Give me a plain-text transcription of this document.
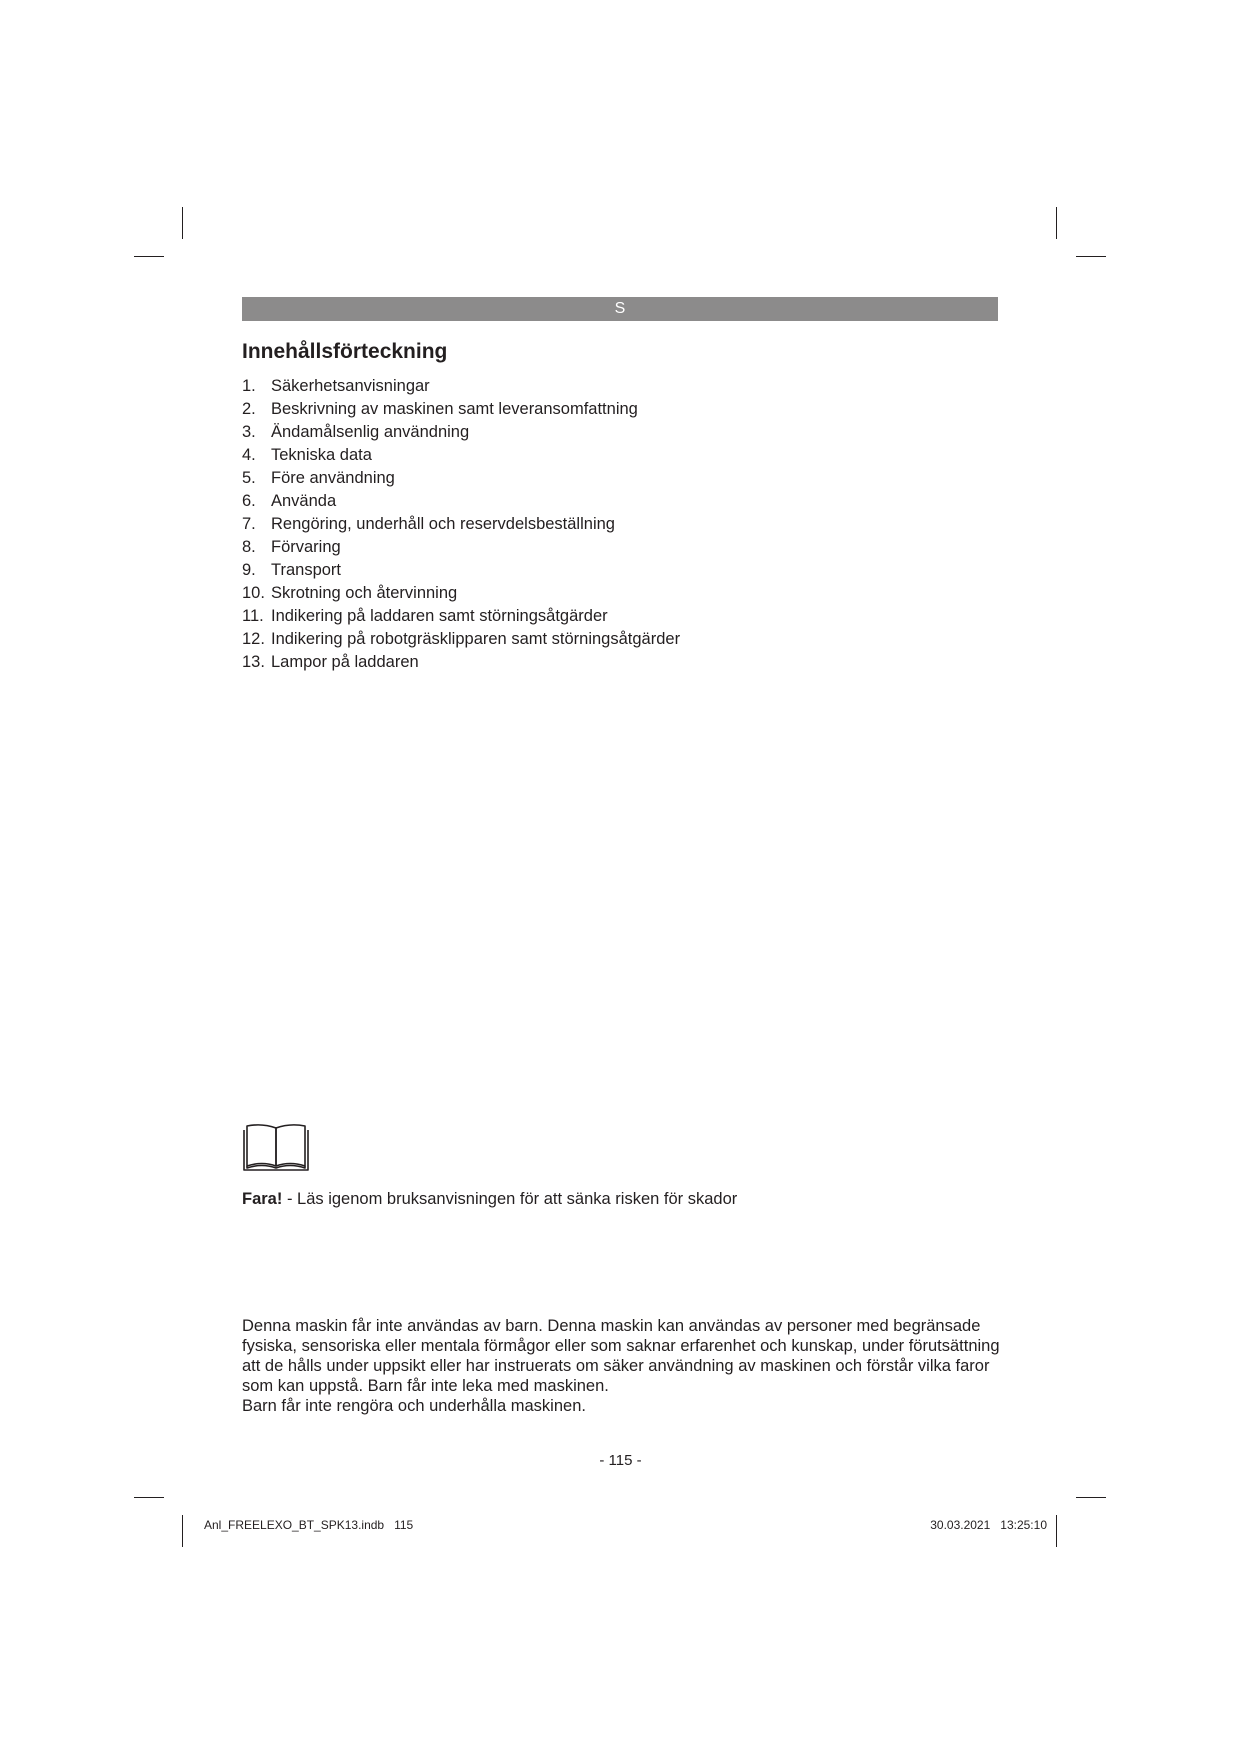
S
Innehållsförteckning
1. Säkerhetsanvisningar
2. Beskrivning av maskinen samt leveransomfattning
3. Ändamålsenlig användning
4. Tekniska data
5. Före användning
6. Använda
7. Rengöring, underhåll och reservdelsbeställning
8. Förvaring
9. Transport
10. Skrotning och återvinning
11. Indikering på laddaren samt störningsåtgärder
12. Indikering på robotgräsklipparen samt störningsåtgärder
13. Lampor på laddaren

Fara! - Läs igenom bruksanvisningen för att sänka risken för skador

Denna maskin får inte användas av barn. Denna maskin kan användas av personer med begränsade
fysiska, sensoriska eller mentala förmågor eller som saknar erfarenhet och kunskap, under förutsättning
att de hålls under uppsikt eller har instruerats om säker användning av maskinen och förstår vilka faror
som kan uppstå. Barn får inte leka med maskinen.
Barn får inte rengöra och underhålla maskinen.

- 115 -
Anl_FREELEXO_BT_SPK13.indb   115	30.03.2021   13:25:10
